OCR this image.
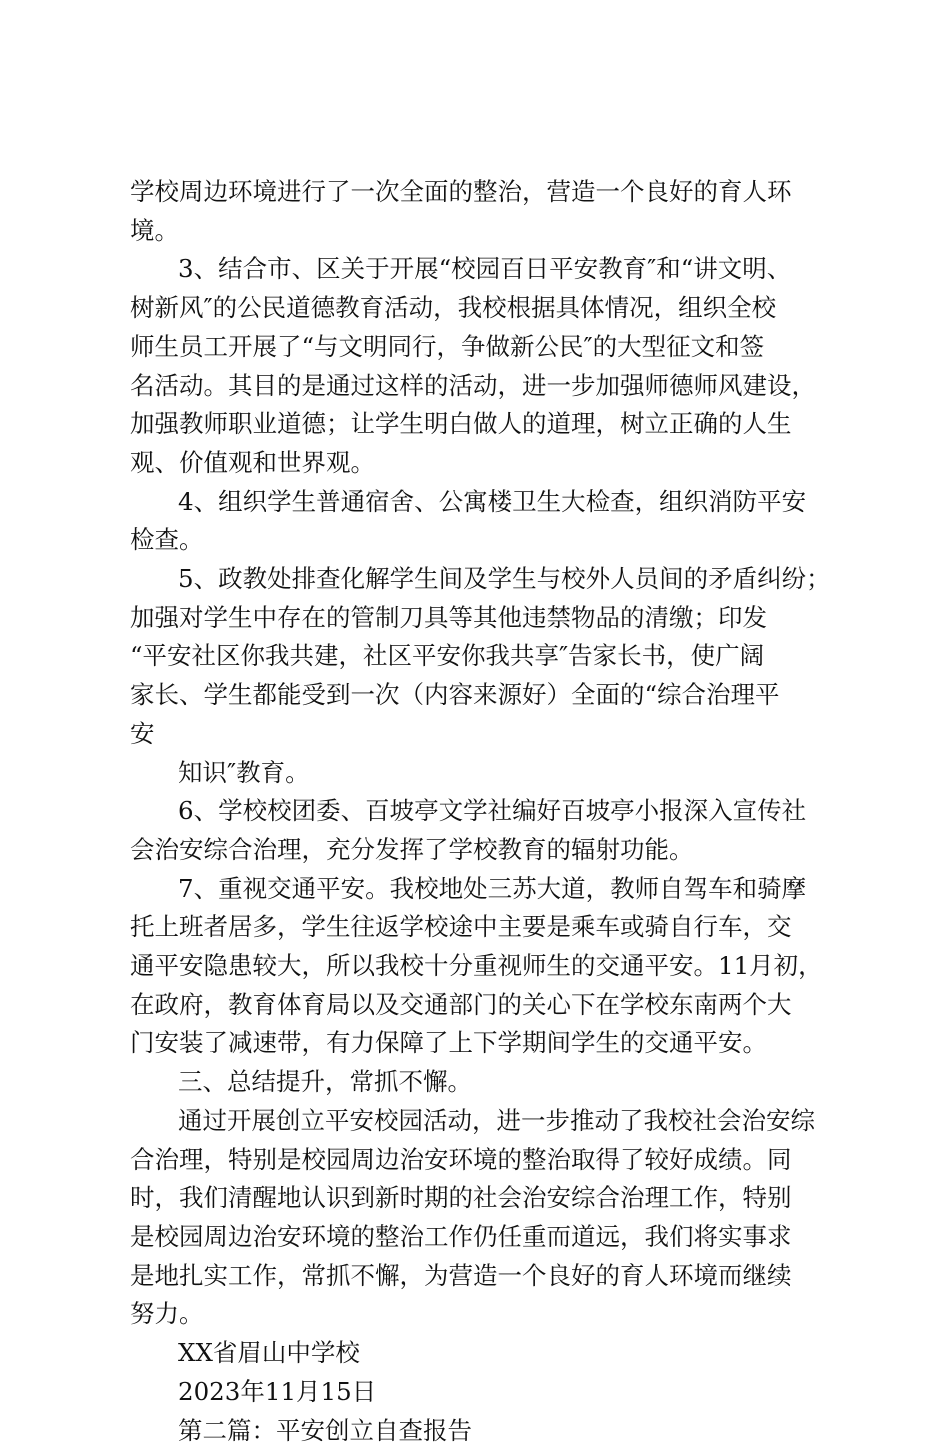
学校周边环境进行了一次全面的整治，营造一个良好的育人环
境。
3、结合市、区关于开展“校园百日平安教育″和“讲文明、
树新风″的公民道德教育活动，我校根据具体情况，组织全校
师生员工开展了“与文明同行，争做新公民″的大型征文和签
名活动。其目的是通过这样的活动，进一步加强师德师风建设，
加强教师职业道德；让学生明白做人的道理，树立正确的人生
观、价值观和世界观。
4、组织学生普通宿舍、公寓楼卫生大检查，组织消防平安
检查。
5、政教处排查化解学生间及学生与校外人员间的矛盾纠纷；
加强对学生中存在的管制刀具等其他违禁物品的清缴；印发
“平安社区你我共建，社区平安你我共享″告家长书，使广阔
家长、学生都能受到一次（内容来源好）全面的“综合治理平
安
知识″教育。
6、学校校团委、百坡亭文学社编好百坡亭小报深入宣传社
会治安综合治理，充分发挥了学校教育的辐射功能。
7、重视交通平安。我校地处三苏大道，教师自驾车和骑摩
托上班者居多，学生往返学校途中主要是乘车或骑自行车，交
通平安隐患较大，所以我校十分重视师生的交通平安。11月初，
在政府，教育体育局以及交通部门的关心下在学校东南两个大
门安装了减速带，有力保障了上下学期间学生的交通平安。
三、总结提升，常抓不懈。
通过开展创立平安校园活动，进一步推动了我校社会治安综
合治理，特别是校园周边治安环境的整治取得了较好成绩。同
时，我们清醒地认识到新时期的社会治安综合治理工作，特别
是校园周边治安环境的整治工作仍任重而道远，我们将实事求
是地扎实工作，常抓不懈，为营造一个良好的育人环境而继续
努力。
XX省眉山中学校
2023年11月15日
第二篇：平安创立自查报告
